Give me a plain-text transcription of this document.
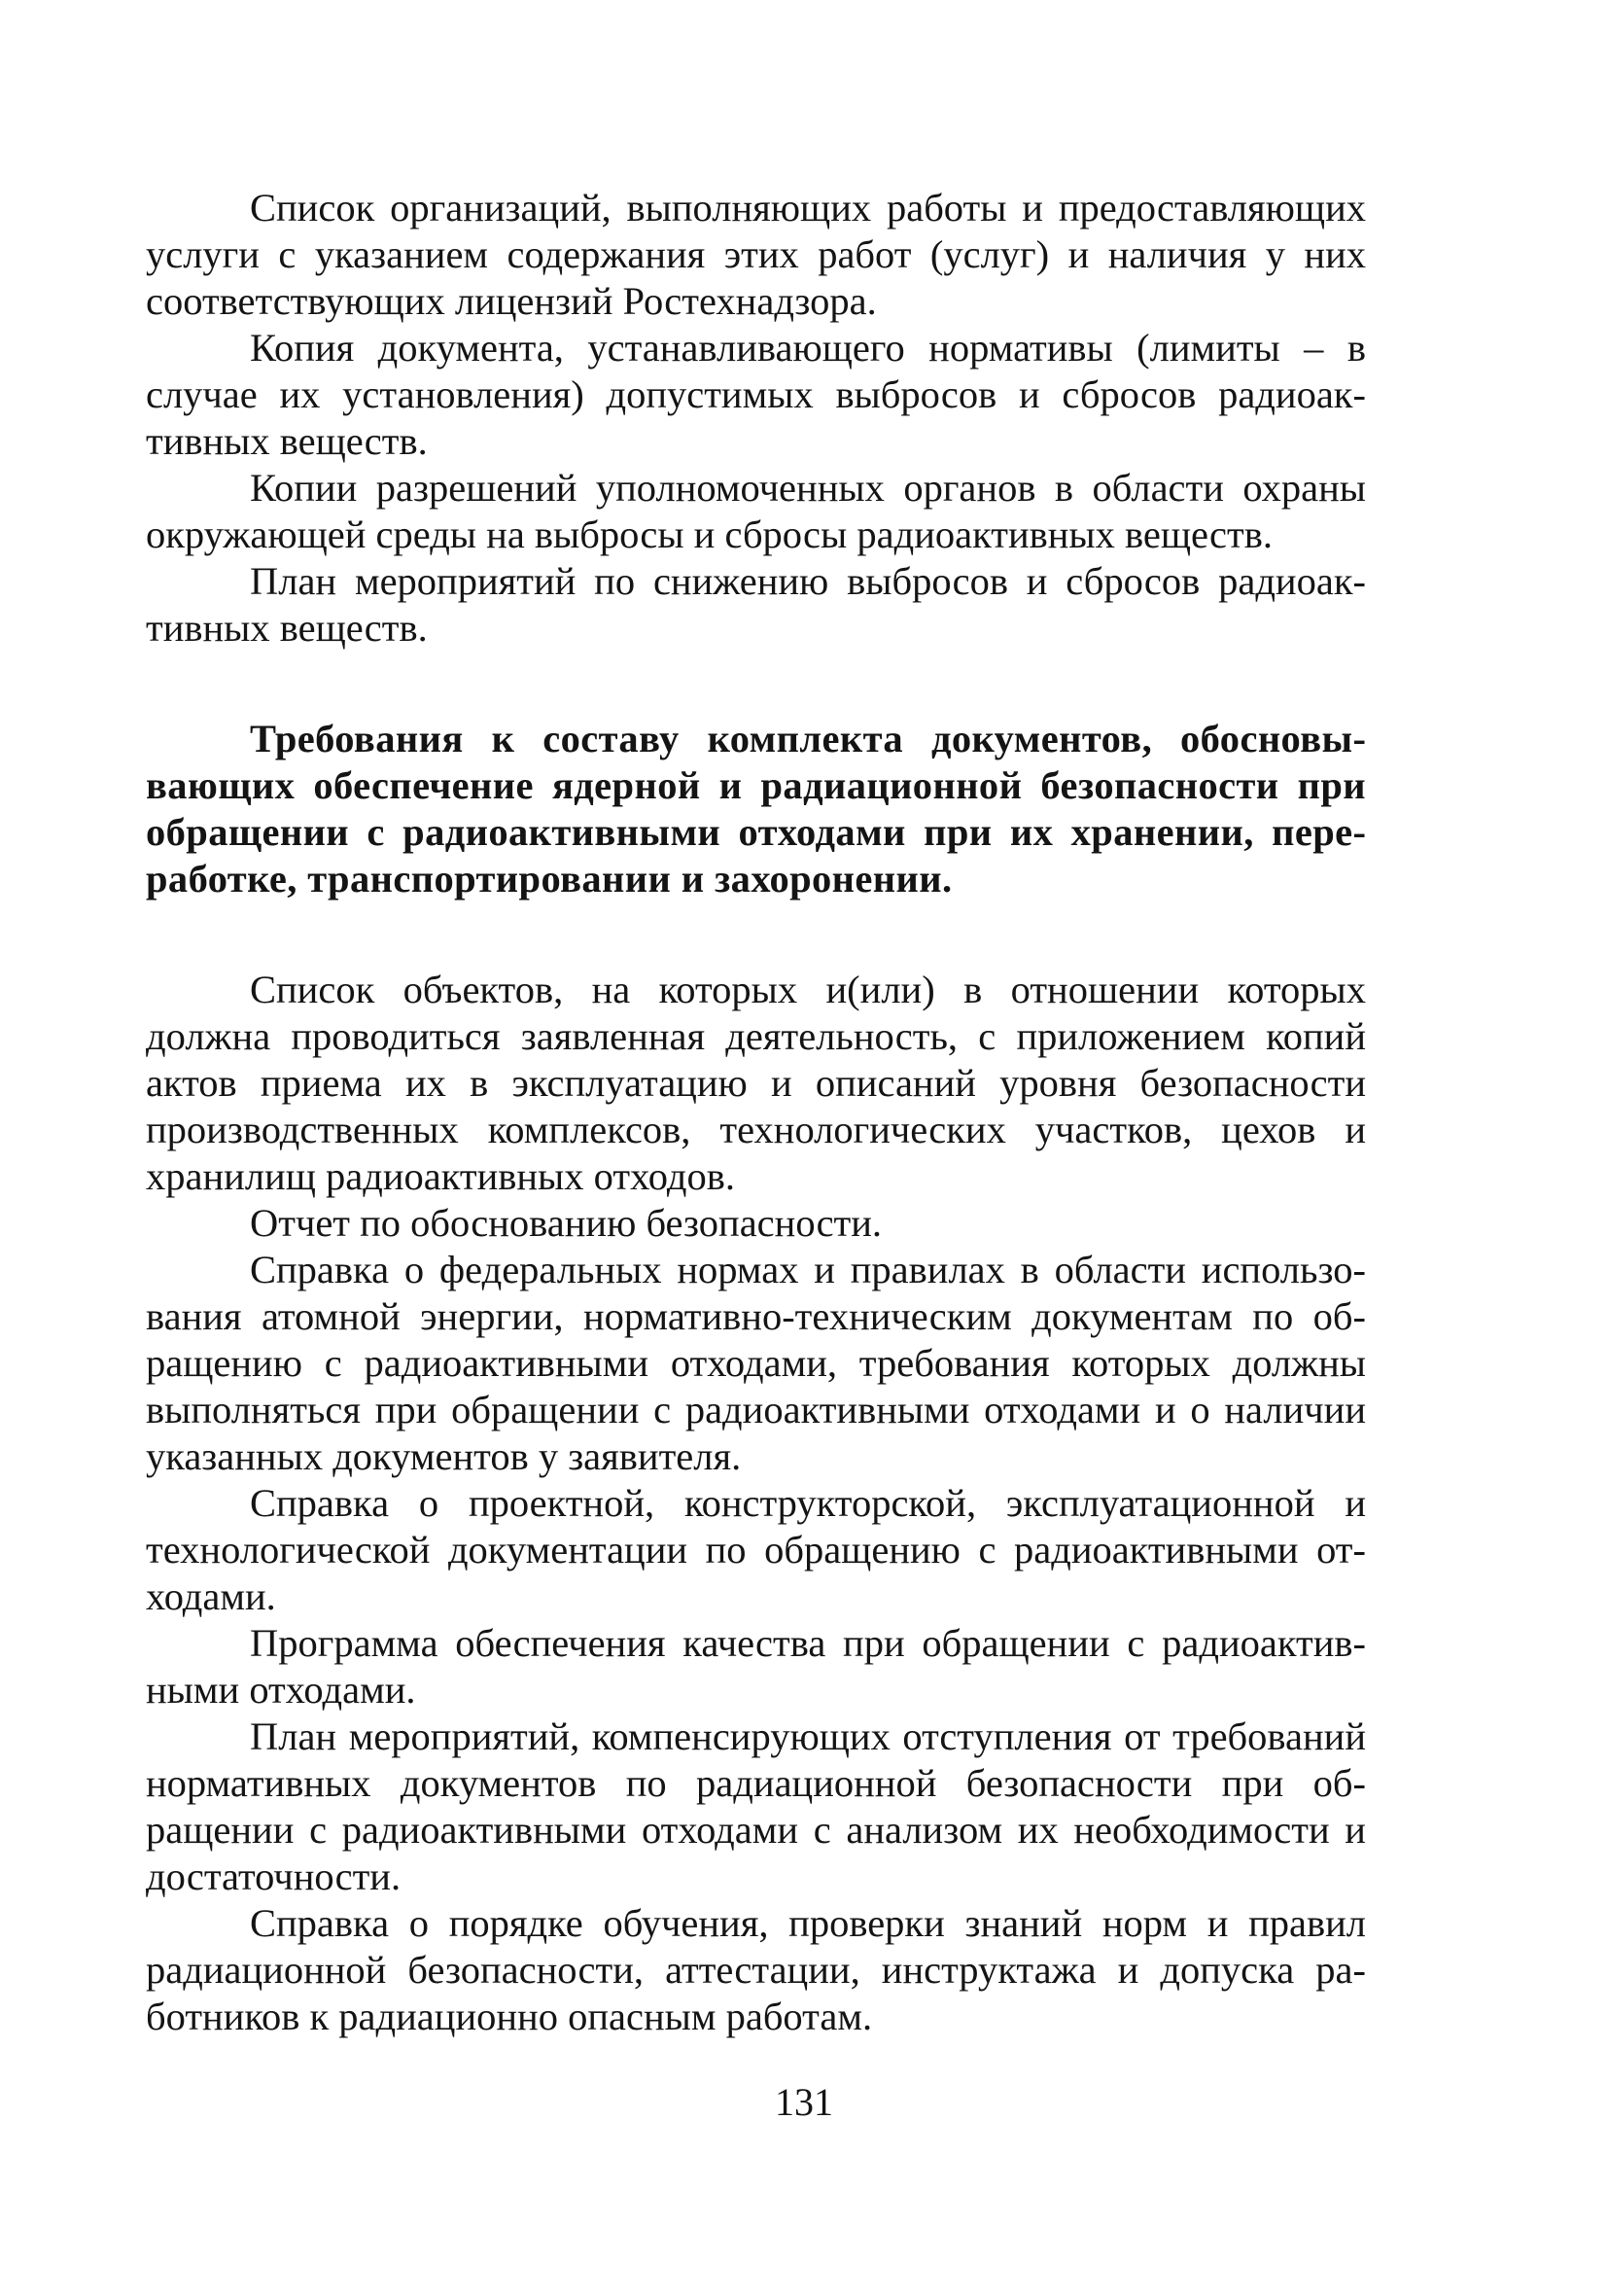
Список организаций, выполняющих работы и предоставляющих услуги с указанием содержания этих работ (услуг) и наличия у них соответствующих лицензий Ростехнадзора.

Копия документа, устанавливающего нормативы (лимиты – в случае их установления) допустимых выбросов и сбросов радиоактивных веществ.

Копии разрешений уполномоченных органов в области охраны окружающей среды на выбросы и сбросы радиоактивных веществ.

План мероприятий по снижению выбросов и сбросов радиоактивных веществ.

Требования к составу комплекта документов, обосновывающих обеспечение ядерной и радиационной безопасности при обращении с радиоактивными отходами при их хранении, переработке, транспортировании и захоронении.

Список объектов, на которых и(или) в отношении которых должна проводиться заявленная деятельность, с приложением копий актов приема их в эксплуатацию и описаний уровня безопасности производственных комплексов, технологических участков, цехов и хранилищ радиоактивных отходов.

Отчет по обоснованию безопасности.

Справка о федеральных нормах и правилах в области использования атомной энергии, нормативно-техническим документам по обращению с радиоактивными отходами, требования которых должны выполняться при обращении с радиоактивными отходами и о наличии указанных документов у заявителя.

Справка о проектной, конструкторской, эксплуатационной и технологической документации по обращению с радиоактивными отходами.

Программа обеспечения качества при обращении с радиоактивными отходами.

План мероприятий, компенсирующих отступления от требований нормативных документов по радиационной безопасности при обращении с радиоактивными отходами с анализом их необходимости и достаточности.

Справка о порядке обучения, проверки знаний норм и правил радиационной безопасности, аттестации, инструктажа и допуска работников к радиационно опасным работам.

131
